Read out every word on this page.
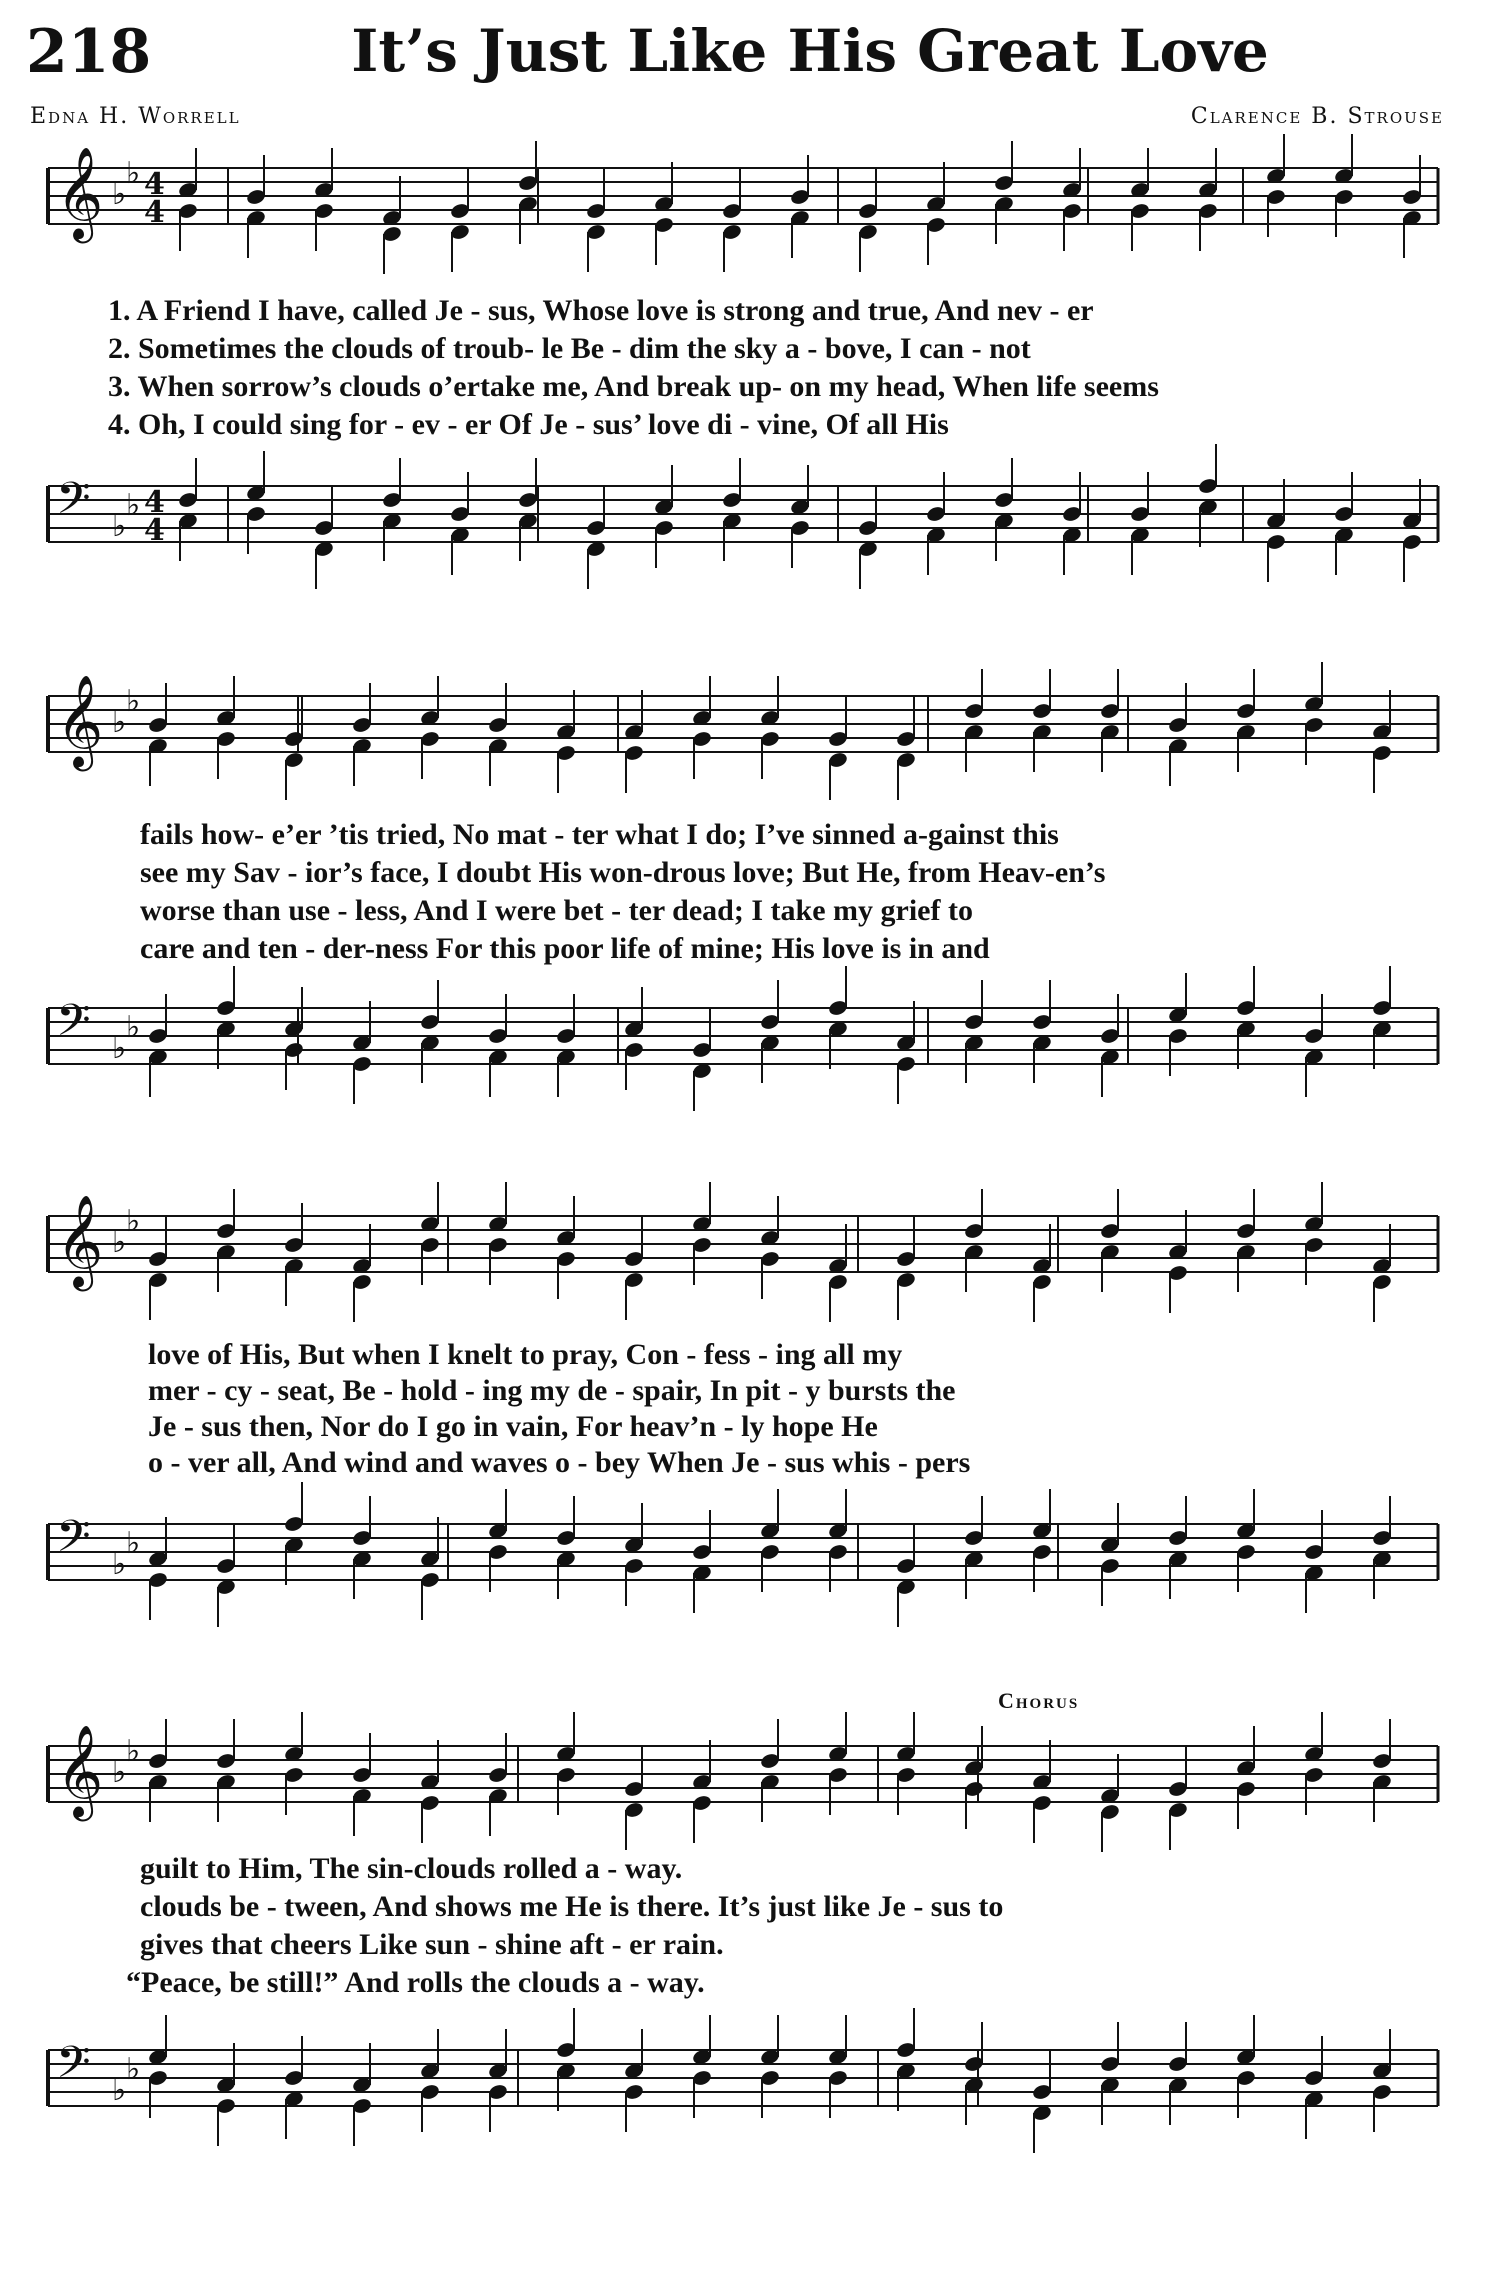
218	It’s Just Like His Great Love
Edna H. Worrell	Clarence B. Strouse
𝄞 ♭
♭ 4
4
1. A Friend I have, called Je - sus, Whose love is strong and true, And nev - er
2. Sometimes the clouds of troub- le Be - dim the sky a - bove, I can - not
3. When sorrow’s clouds o’ertake me, And break up- on my head, When life seems
4. Oh, I could sing for - ev - er Of Je - sus’ love di - vine, Of all His
𝄢 ♭
♭ 4
4
𝄞 ♭
♭
fails how- e’er ’tis tried, No mat - ter what I do; I’ve sinned a-gainst this
see my Sav - ior’s face, I doubt His won-drous love; But He, from Heav-en’s
worse than use - less, And I were bet - ter dead; I take my grief to
care and ten - der-ness For this poor life of mine; His love is in and
𝄢 ♭
♭
𝄞 ♭
♭
love of His, But when I knelt to pray, Con - fess - ing all my
mer - cy - seat, Be - hold - ing my de - spair, In pit - y bursts the
Je - sus then, Nor do I go in vain, For heav’n - ly hope He
o - ver all, And wind and waves o - bey When Je - sus whis - pers
𝄢 ♭
♭
Chorus
𝄞 ♭
♭
guilt to Him, The sin-clouds rolled a - way.
clouds be - tween, And shows me He is there. It’s just like Je - sus to
gives that cheers Like sun - shine aft - er rain.
“Peace, be still!” And rolls the clouds a - way.
𝄢 ♭
♭
